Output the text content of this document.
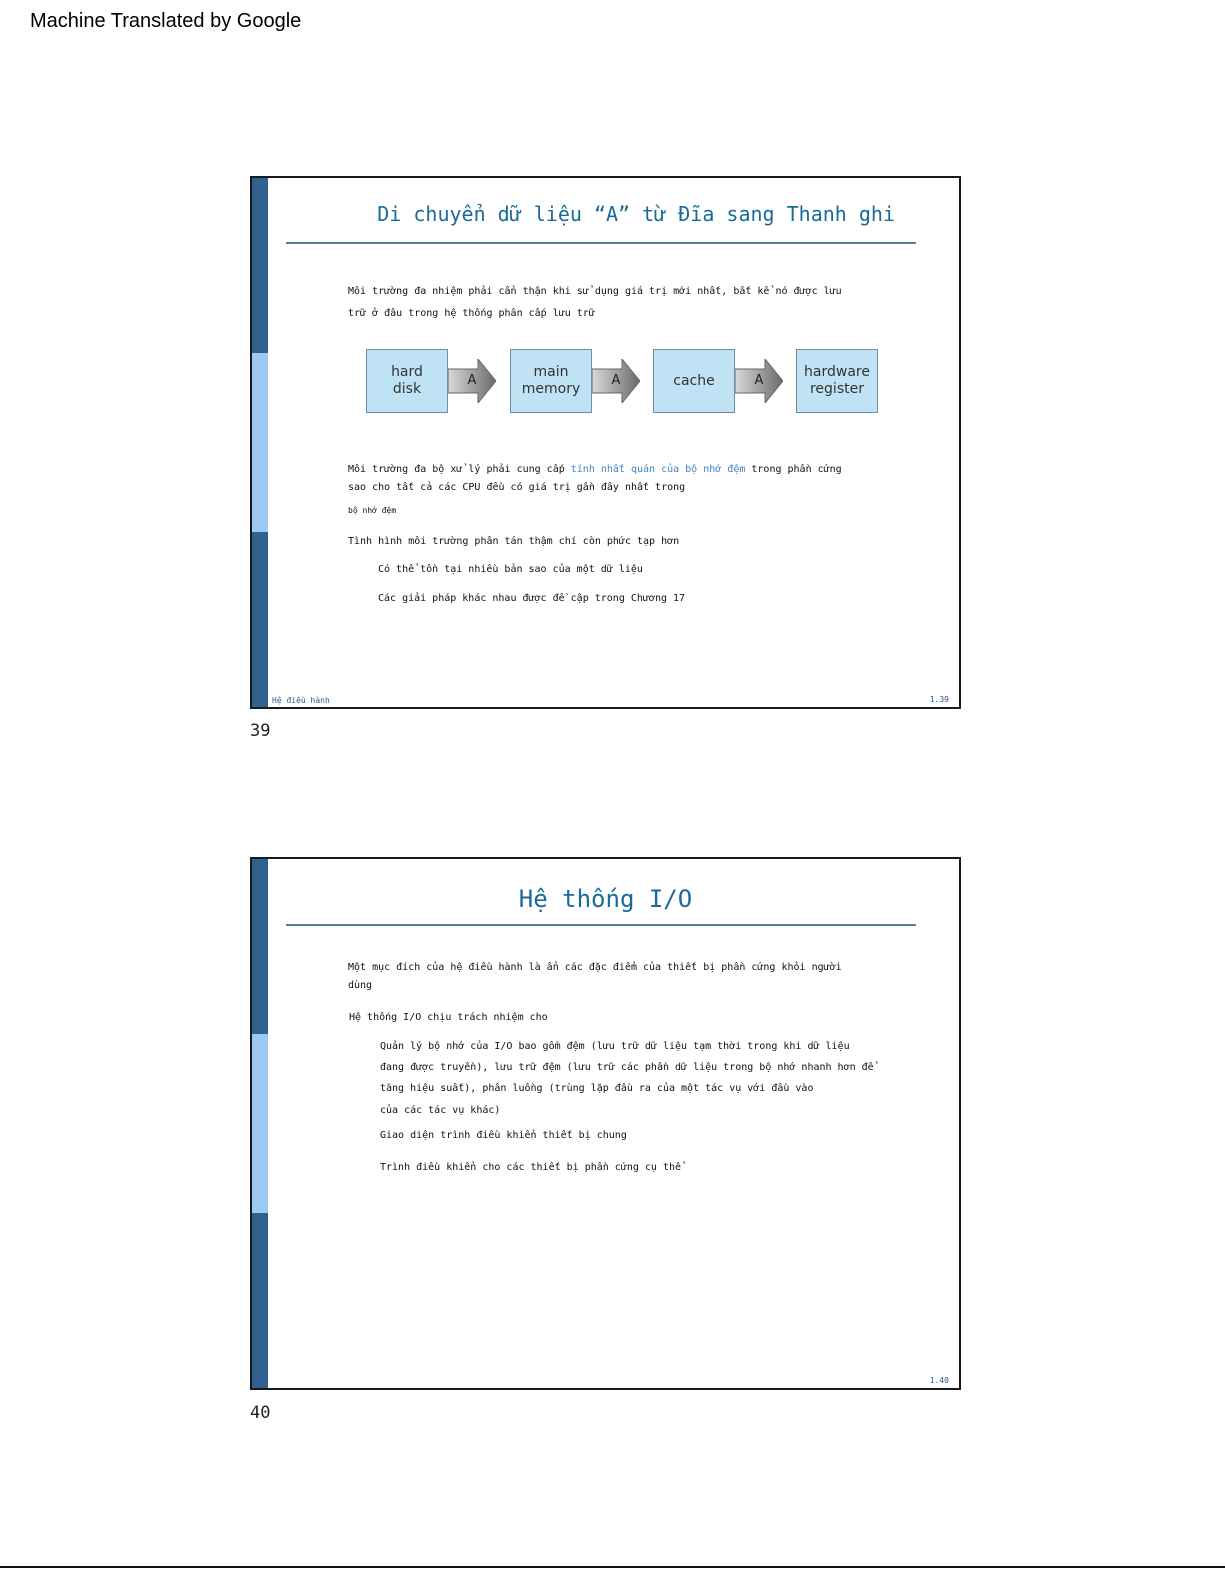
Machine Translated by Google
Di chuyển dữ liệu “A” từ Đĩa sang Thanh ghi
Môi trường đa nhiệm phải cẩn thận khi sử dụng giá trị mới nhất, bất kể nó được lưu
trữ ở đâu trong hệ thống phân cấp lưu trữ
hard
disk
A
main
memory
A	cache	A
hardware
register
Môi trường đa bộ xử lý phải cung cấp tính nhất quán của bộ nhớ đệm trong phần cứng
sao cho tất cả các CPU đều có giá trị gần đây nhất trong
bộ nhớ đệm
Tình hình môi trường phân tán thậm chí còn phức tạp hơn
Có thể tồn tại nhiều bản sao của một dữ liệu
Các giải pháp khác nhau được đề cập trong Chương 17
Hệ điều hành	1.39
39
Hệ thống I/O
Một mục đích của hệ điều hành là ẩn các đặc điểm của thiết bị phần cứng khỏi người
dùng
Hệ thống I/O chịu trách nhiệm cho
Quản lý bộ nhớ của I/O bao gồm đệm (lưu trữ dữ liệu tạm thời trong khi dữ liệu
đang được truyền), lưu trữ đệm (lưu trữ các phần dữ liệu trong bộ nhớ nhanh hơn để
tăng hiệu suất), phân luồng (trùng lặp đầu ra của một tác vụ với đầu vào
của các tác vụ khác)
Giao diện trình điều khiển thiết bị chung
Trình điều khiển cho các thiết bị phần cứng cụ thể
1.40
40
